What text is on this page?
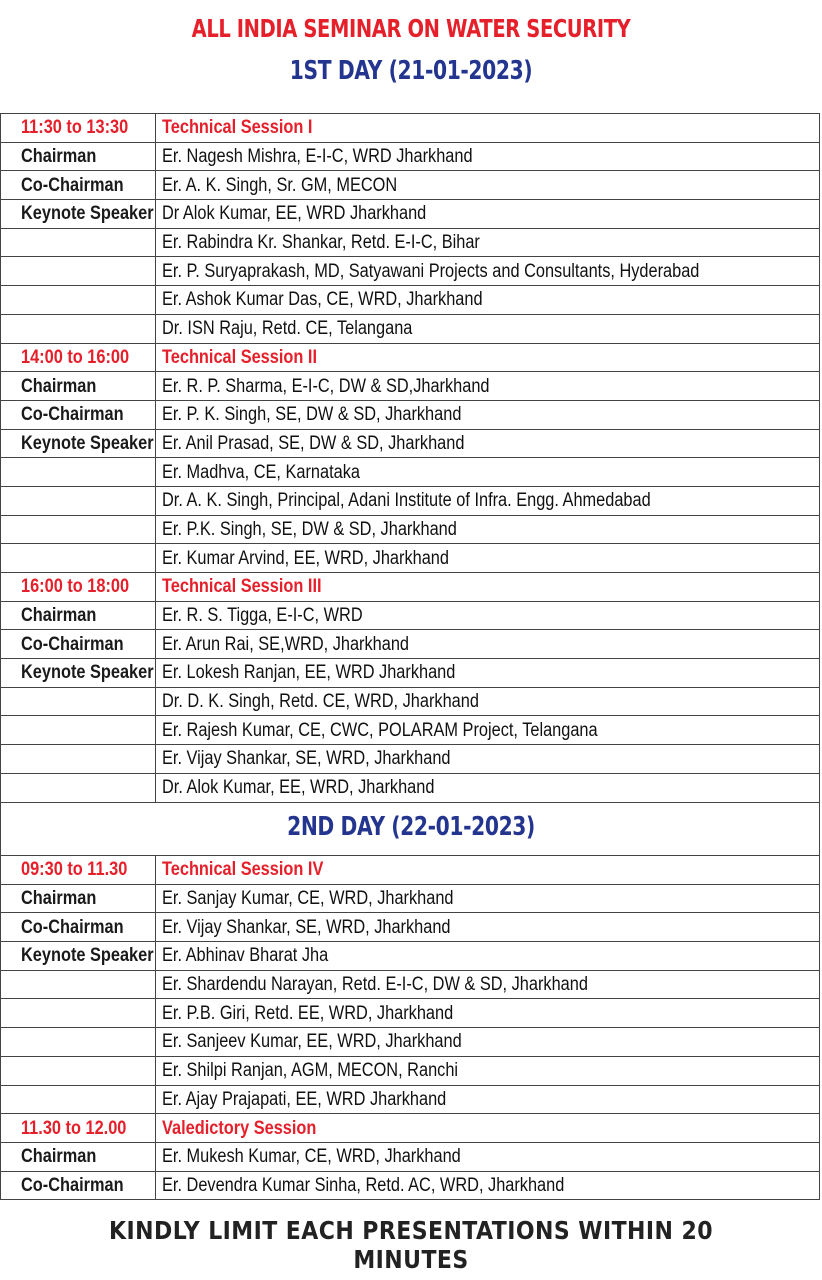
ALL INDIA SEMINAR ON WATER SECURITY
1ST DAY (21-01-2023)
11:30 to 13:30	Technical Session I
Chairman	Er. Nagesh Mishra, E-I-C, WRD Jharkhand
Co-Chairman	Er. A. K. Singh, Sr. GM, MECON
Keynote Speaker	Dr Alok Kumar, EE, WRD Jharkhand
	Er. Rabindra Kr. Shankar, Retd. E-I-C, Bihar
	Er. P. Suryaprakash, MD, Satyawani Projects and Consultants, Hyderabad
	Er. Ashok Kumar Das, CE, WRD, Jharkhand
	Dr. ISN Raju, Retd. CE, Telangana
14:00 to 16:00	Technical Session II
Chairman	Er. R. P. Sharma, E-I-C, DW & SD,Jharkhand
Co-Chairman	Er. P. K. Singh, SE, DW & SD, Jharkhand
Keynote Speaker	Er. Anil Prasad, SE, DW & SD, Jharkhand
	Er. Madhva, CE, Karnataka
	Dr. A. K. Singh, Principal, Adani Institute of Infra. Engg. Ahmedabad
	Er. P.K. Singh, SE, DW & SD, Jharkhand
	Er. Kumar Arvind, EE, WRD, Jharkhand
16:00 to 18:00	Technical Session III
Chairman	Er. R. S. Tigga, E-I-C, WRD
Co-Chairman	Er. Arun Rai, SE,WRD, Jharkhand
Keynote Speaker	Er. Lokesh Ranjan, EE, WRD Jharkhand
	Dr. D. K. Singh, Retd. CE, WRD, Jharkhand
	Er. Rajesh Kumar, CE, CWC, POLARAM Project, Telangana
	Er. Vijay Shankar, SE, WRD, Jharkhand
	Dr. Alok Kumar, EE, WRD, Jharkhand
2ND DAY (22-01-2023)
09:30 to 11.30	Technical Session IV
Chairman	Er. Sanjay Kumar, CE, WRD, Jharkhand
Co-Chairman	Er. Vijay Shankar, SE, WRD, Jharkhand
Keynote Speaker	Er. Abhinav Bharat Jha
	Er. Shardendu Narayan, Retd. E-I-C, DW & SD, Jharkhand
	Er. P.B. Giri, Retd. EE, WRD, Jharkhand
	Er. Sanjeev Kumar, EE, WRD, Jharkhand
	Er. Shilpi Ranjan, AGM, MECON, Ranchi
	Er. Ajay Prajapati, EE, WRD Jharkhand
11.30 to 12.00	Valedictory Session
Chairman	Er. Mukesh Kumar, CE, WRD, Jharkhand
Co-Chairman	Er. Devendra Kumar Sinha, Retd. AC, WRD, Jharkhand
KINDLY LIMIT EACH PRESENTATIONS WITHIN 20 MINUTES
